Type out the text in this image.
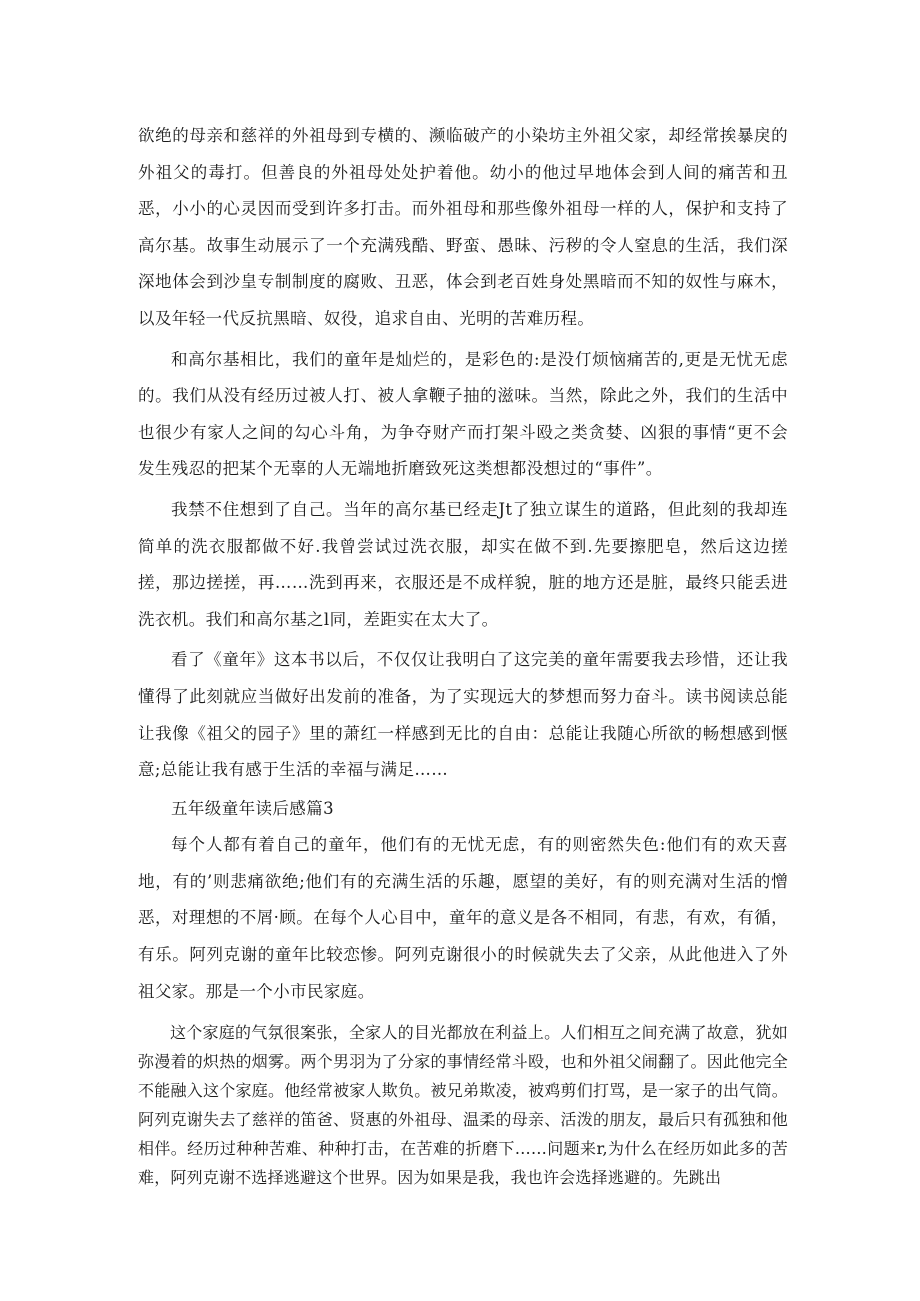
欲绝的母亲和慈祥的外祖母到专横的、濒临破产的小染坊主外祖父家，却经常挨暴戾的外祖父的毒打。但善良的外祖母处处护着他。幼小的他过早地体会到人间的痛苦和丑恶，小小的心灵因而受到许多打击。而外祖母和那些像外祖母一样的人，保护和支持了高尔基。故事生动展示了一个充满残酷、野蛮、愚昧、污秽的令人窒息的生活，我们深深地体会到沙皇专制制度的腐败、丑恶，体会到老百姓身处黑暗而不知的奴性与麻木，以及年轻一代反抗黑暗、奴役，追求自由、光明的苦难历程。

和高尔基相比，我们的童年是灿烂的，是彩色的:是没仃烦恼痛苦的,更是无忧无虑的。我们从没有经历过被人打、被人拿鞭子抽的滋味。当然，除此之外，我们的生活中也很少有家人之间的勾心斗角，为争夺财产而打架斗殴之类贪婪、凶狠的事情“更不会发生残忍的把某个无辜的人无端地折磨致死这类想都没想过的“事件”。

我禁不住想到了自己。当年的高尔基已经走Jt了独立谋生的道路，但此刻的我却连简单的洗衣服都做不好.我曾尝试过洗衣服，却实在做不到.先要擦肥皂，然后这边搓搓，那边搓搓，再……洗到再来，衣服还是不成样貌，脏的地方还是脏，最终只能丢进洗衣机。我们和高尔基之l同，差距实在太大了。

看了《童年》这本书以后，不仅仅让我明白了这完美的童年需要我去珍惜，还让我懂得了此刻就应当做好出发前的准备，为了实现远大的梦想而努力奋斗。读书阅读总能让我像《祖父的园子》里的萧红一样感到无比的自由：总能让我随心所欲的畅想感到惬意;总能让我有感于生活的幸福与满足……

五年级童年读后感篇3

每个人都有着自己的童年，他们有的无忧无虑，有的则密然失色:他们有的欢天喜地，有的’则悲痛欲绝;他们有的充满生活的乐趣，愿望的美好，有的则充满对生活的憎恶，对理想的不屑·顾。在每个人心目中，童年的意义是各不相同，有悲，有欢，有循，有乐。阿列克谢的童年比较恋惨。阿列克谢很小的时候就失去了父亲，从此他进入了外祖父家。那是一个小市民家庭。

这个家庭的气氛很案张，全家人的目光都放在利益上。人们相互之间充满了故意，犹如弥漫着的炽热的烟雾。两个男羽为了分家的事情经常斗殴，也和外祖父闹翻了。因此他完全不能融入这个家庭。他经常被家人欺负。被兄弟欺凌，被鸡剪们打骂，是一家子的出气筒。阿列克谢失去了慈祥的笛爸、贤惠的外祖母、温柔的母亲、活泼的朋友，最后只有孤独和他相伴。经历过种种苦难、种种打击，在苦难的折磨下……问题来r,为什么在经历如此多的苦难，阿列克谢不选择逃避这个世界。因为如果是我，我也许会选择逃避的。先跳出
